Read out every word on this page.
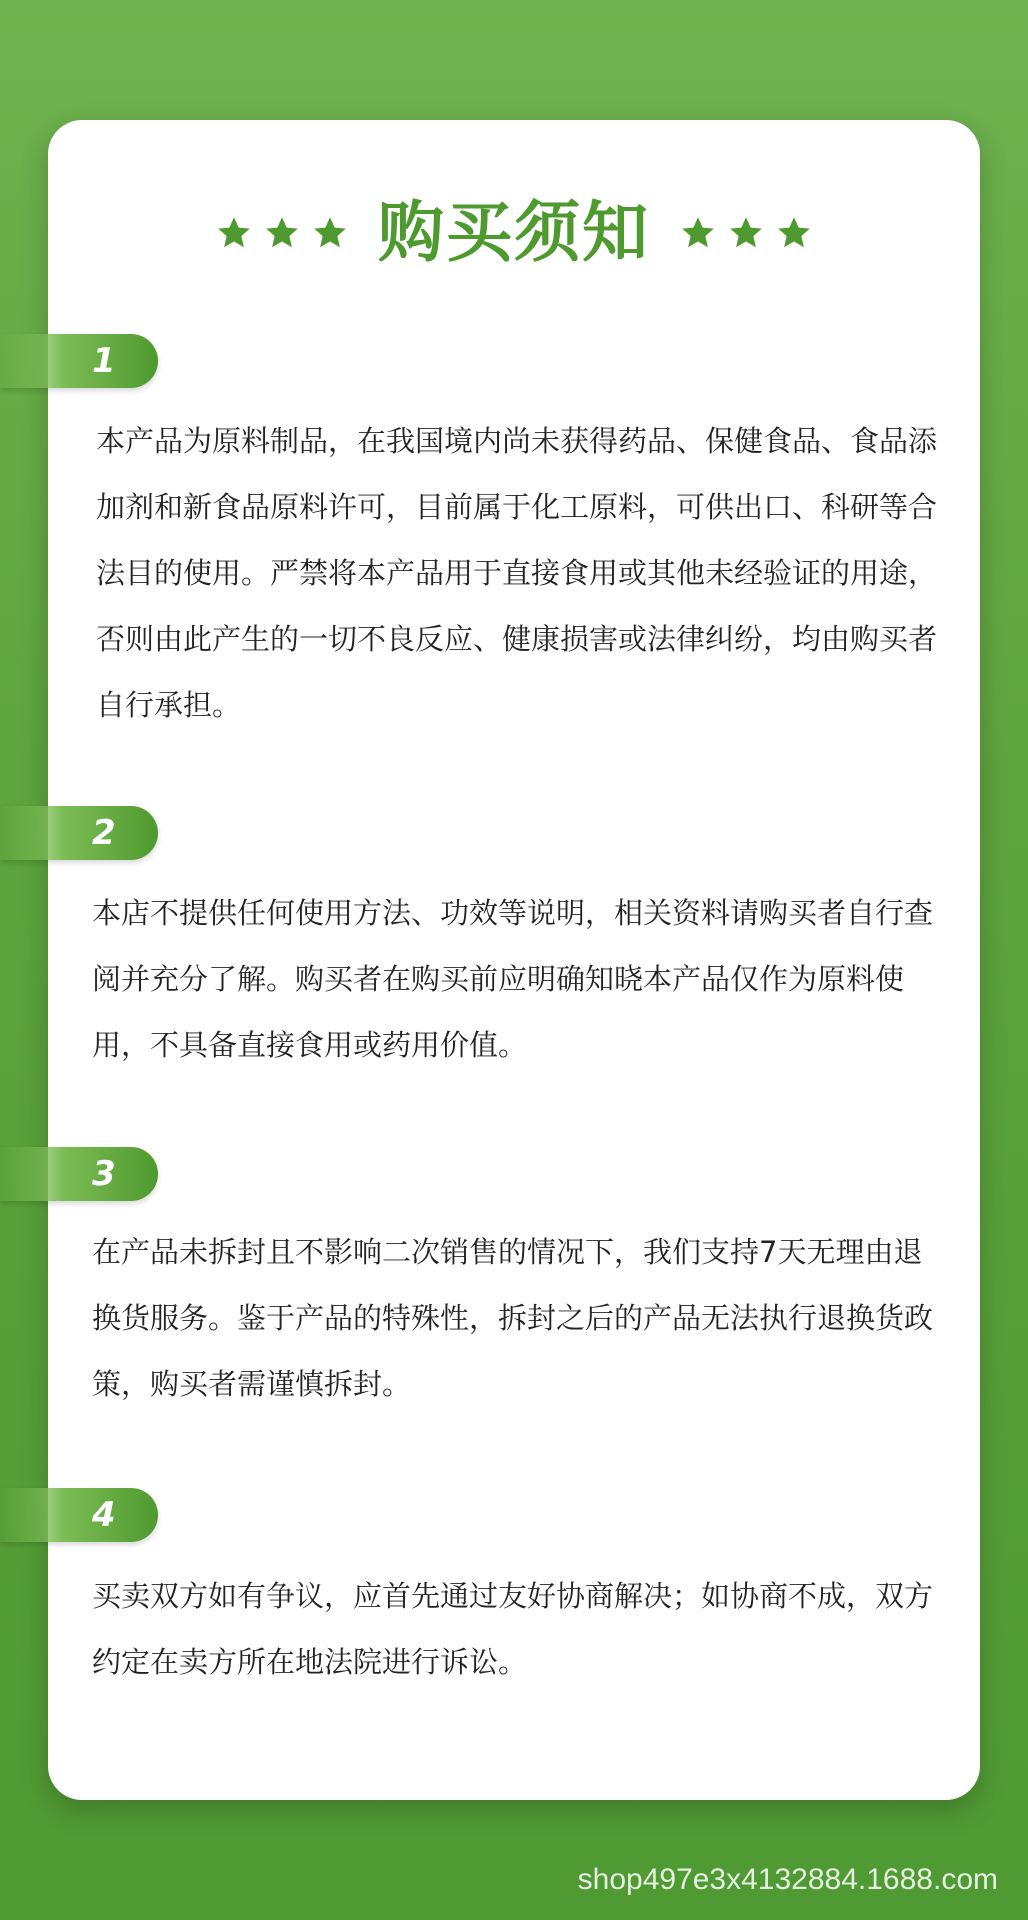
购买须知
1

本产品为原料制品，在我国境内尚未获得药品、保健食品、食品添加剂和新食品原料许可，目前属于化工原料，可供出口、科研等合法目的使用。严禁将本产品用于直接食用或其他未经验证的用途，否则由此产生的一切不良反应、健康损害或法律纠纷，均由购买者自行承担。

2

本店不提供任何使用方法、功效等说明，相关资料请购买者自行查阅并充分了解。购买者在购买前应明确知晓本产品仅作为原料使用，不具备直接食用或药用价值。

3

在产品未拆封且不影响二次销售的情况下，我们支持7天无理由退换货服务。鉴于产品的特殊性，拆封之后的产品无法执行退换货政策，购买者需谨慎拆封。

4

买卖双方如有争议，应首先通过友好协商解决；如协商不成，双方约定在卖方所在地法院进行诉讼。

shop497e3x4132884.1688.com
